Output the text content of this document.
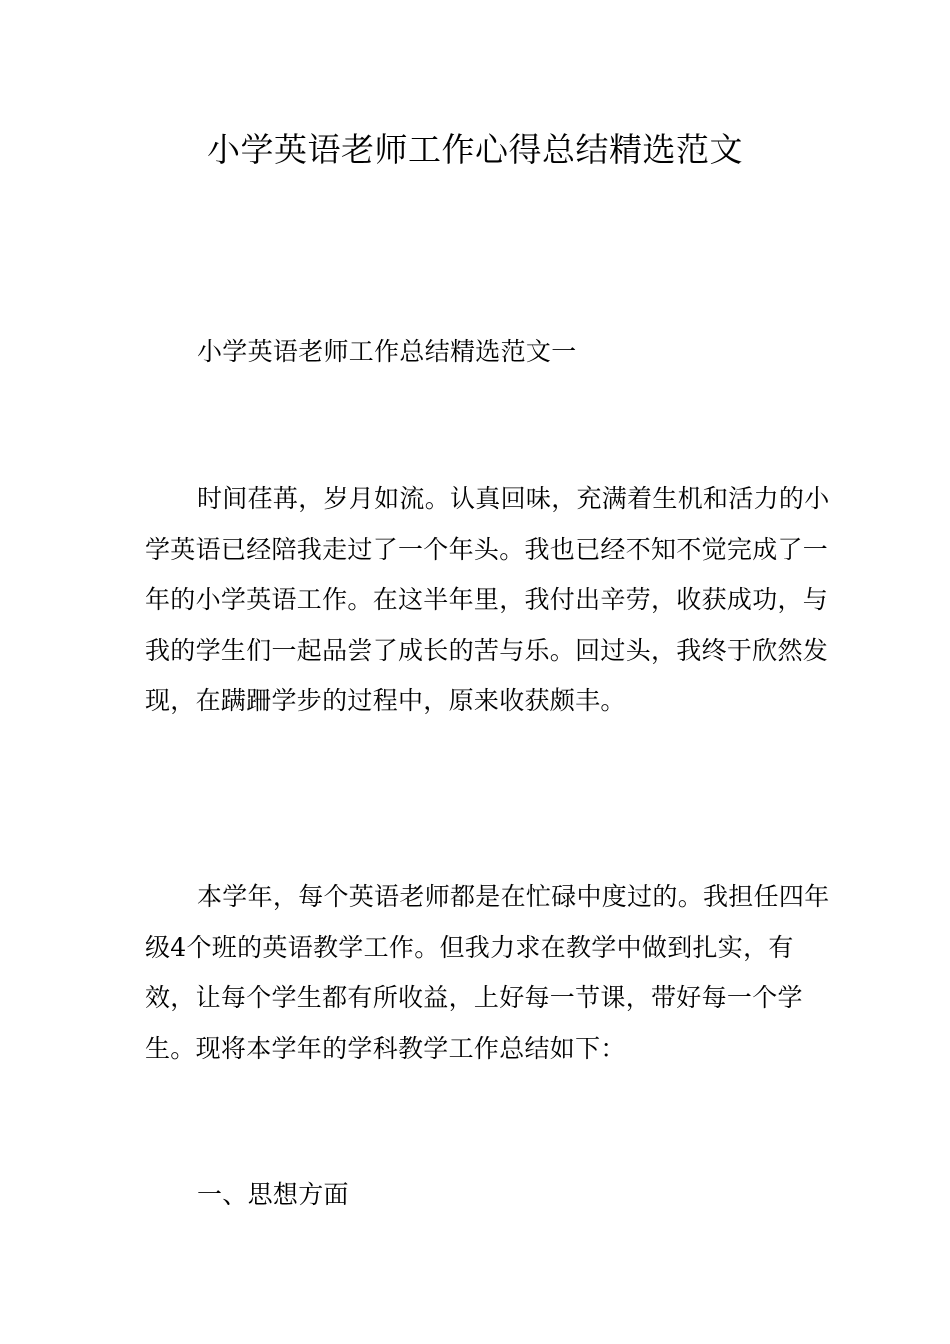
小学英语老师工作心得总结精选范文
小学英语老师工作总结精选范文一

时间荏苒，岁月如流。认真回味，充满着生机和活力的小学英语已经陪我走过了一个年头。我也已经不知不觉完成了一年的小学英语工作。在这半年里，我付出辛劳，收获成功，与我的学生们一起品尝了成长的苦与乐。回过头，我终于欣然发现，在蹒跚学步的过程中，原来收获颇丰。

本学年，每个英语老师都是在忙碌中度过的。我担任四年级4个班的英语教学工作。但我力求在教学中做到扎实，有效，让每个学生都有所收益，上好每一节课，带好每一个学生。现将本学年的学科教学工作总结如下：

一、思想方面
